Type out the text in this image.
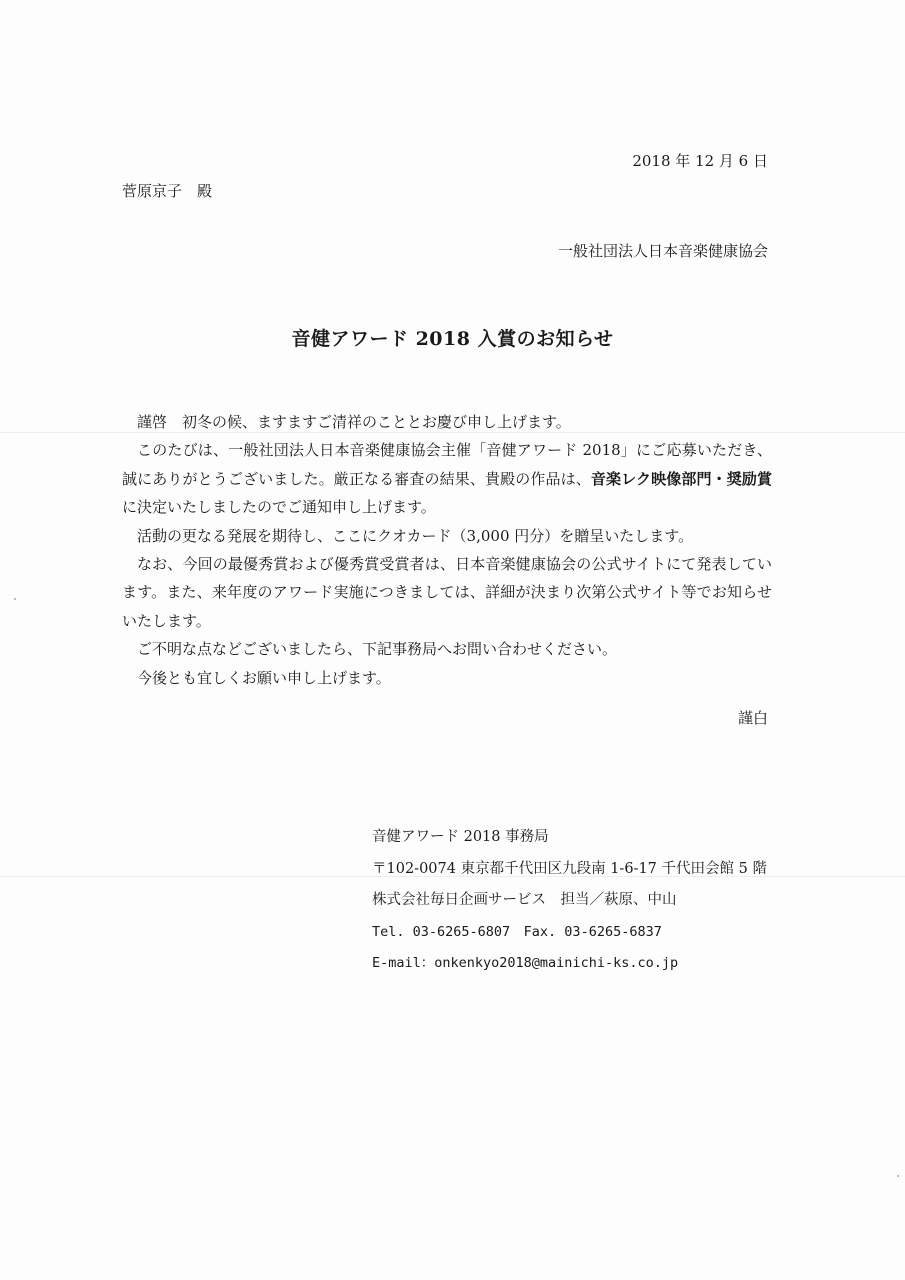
2018 年 12 月 6 日
菅原京子　殿
一般社団法人日本音楽健康協会
音健アワード 2018 入賞のお知らせ

謹啓　初冬の候、ますますご清祥のこととお慶び申し上げます。

このたびは、一般社団法人日本音楽健康協会主催「音健アワード 2018」にご応募いただき、誠にありがとうございました。厳正なる審査の結果、貴殿の作品は、音楽レク映像部門・奨励賞に決定いたしましたのでご通知申し上げます。

活動の更なる発展を期待し、ここにクオカード（3,000 円分）を贈呈いたします。

なお、今回の最優秀賞および優秀賞受賞者は、日本音楽健康協会の公式サイトにて発表しています。また、来年度のアワード実施につきましては、詳細が決まり次第公式サイト等でお知らせいたします。

ご不明な点などございましたら、下記事務局へお問い合わせください。

今後とも宜しくお願い申し上げます。

謹白
音健アワード 2018 事務局
〒102-0074 東京都千代田区九段南 1-6-17 千代田会館 5 階
株式会社毎日企画サービス　担当／萩原、中山
Tel. 03-6265-6807　Fax. 03-6265-6837
E-mail：onkenkyo2018@mainichi-ks.co.jp
